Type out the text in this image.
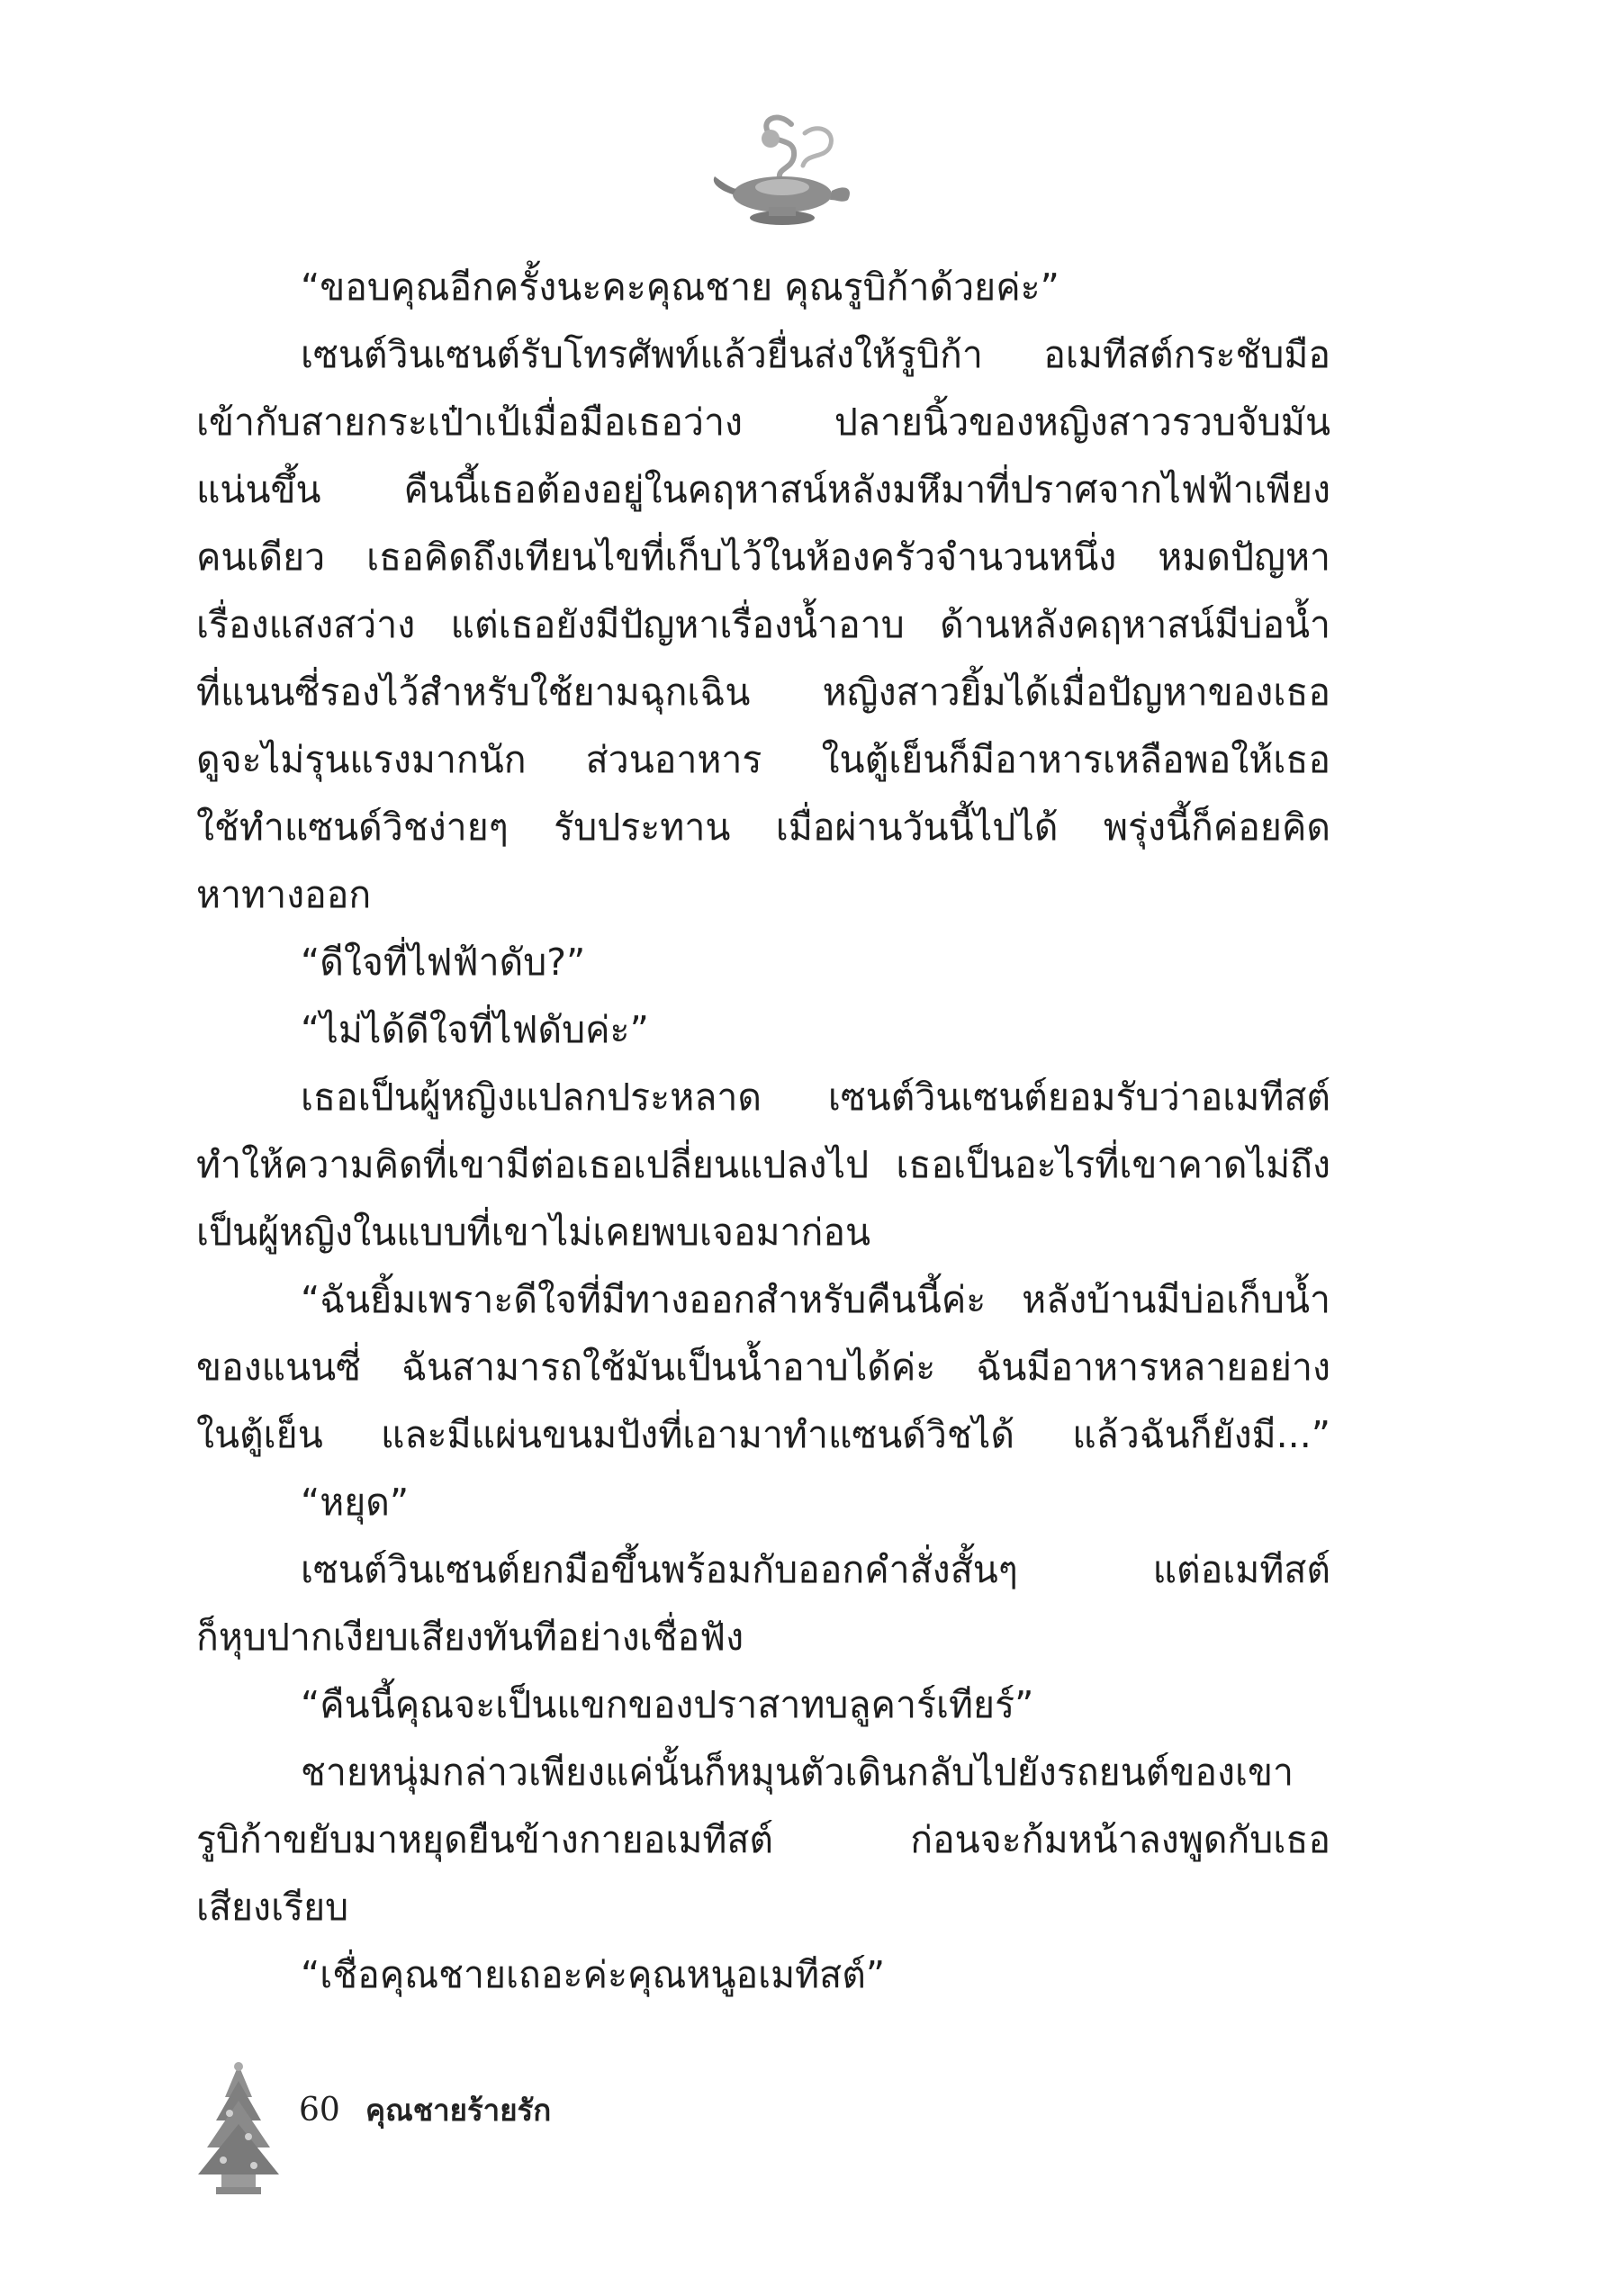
“ขอบคุณอีกครั้งนะคะคุณชาย คุณรูบิก้าด้วยค่ะ”
เซนต์วินเซนต์รับโทรศัพท์แล้วยื่นส่งให้รูบิก้า อเมทีสต์กระชับมือ
เข้ากับสายกระเป๋าเป้เมื่อมือเธอว่าง ปลายนิ้วของหญิงสาวรวบจับมัน
แน่นขึ้น คืนนี้เธอต้องอยู่ในคฤหาสน์หลังมหึมาที่ปราศจากไฟฟ้าเพียง
คนเดียว เธอคิดถึงเทียนไขที่เก็บไว้ในห้องครัวจำนวนหนึ่ง หมดปัญหา
เรื่องแสงสว่าง แต่เธอยังมีปัญหาเรื่องน้ำอาบ ด้านหลังคฤหาสน์มีบ่อน้ำ
ที่แนนซี่รองไว้สำหรับใช้ยามฉุกเฉิน หญิงสาวยิ้มได้เมื่อปัญหาของเธอ
ดูจะไม่รุนแรงมากนัก ส่วนอาหาร ในตู้เย็นก็มีอาหารเหลือพอให้เธอ
ใช้ทำแซนด์วิชง่ายๆ รับประทาน เมื่อผ่านวันนี้ไปได้ พรุ่งนี้ก็ค่อยคิด
หาทางออก
“ดีใจที่ไฟฟ้าดับ?”
“ไม่ได้ดีใจที่ไฟดับค่ะ”
เธอเป็นผู้หญิงแปลกประหลาด เซนต์วินเซนต์ยอมรับว่าอเมทีสต์
ทำให้ความคิดที่เขามีต่อเธอเปลี่ยนแปลงไป เธอเป็นอะไรที่เขาคาดไม่ถึง
เป็นผู้หญิงในแบบที่เขาไม่เคยพบเจอมาก่อน
“ฉันยิ้มเพราะดีใจที่มีทางออกสำหรับคืนนี้ค่ะ หลังบ้านมีบ่อเก็บน้ำ
ของแนนซี่ ฉันสามารถใช้มันเป็นน้ำอาบได้ค่ะ ฉันมีอาหารหลายอย่าง
ในตู้เย็น และมีแผ่นขนมปังที่เอามาทำแซนด์วิชได้ แล้วฉันก็ยังมี...”
“หยุด”
เซนต์วินเซนต์ยกมือขึ้นพร้อมกับออกคำสั่งสั้นๆ แต่อเมทีสต์
ก็หุบปากเงียบเสียงทันทีอย่างเชื่อฟัง
“คืนนี้คุณจะเป็นแขกของปราสาทบลูคาร์เทียร์”
ชายหนุ่มกล่าวเพียงแค่นั้นก็หมุนตัวเดินกลับไปยังรถยนต์ของเขา
รูบิก้าขยับมาหยุดยืนข้างกายอเมทีสต์ ก่อนจะก้มหน้าลงพูดกับเธอ
เสียงเรียบ
“เชื่อคุณชายเถอะค่ะคุณหนูอเมทีสต์”
60 คุณชายร้ายรัก
